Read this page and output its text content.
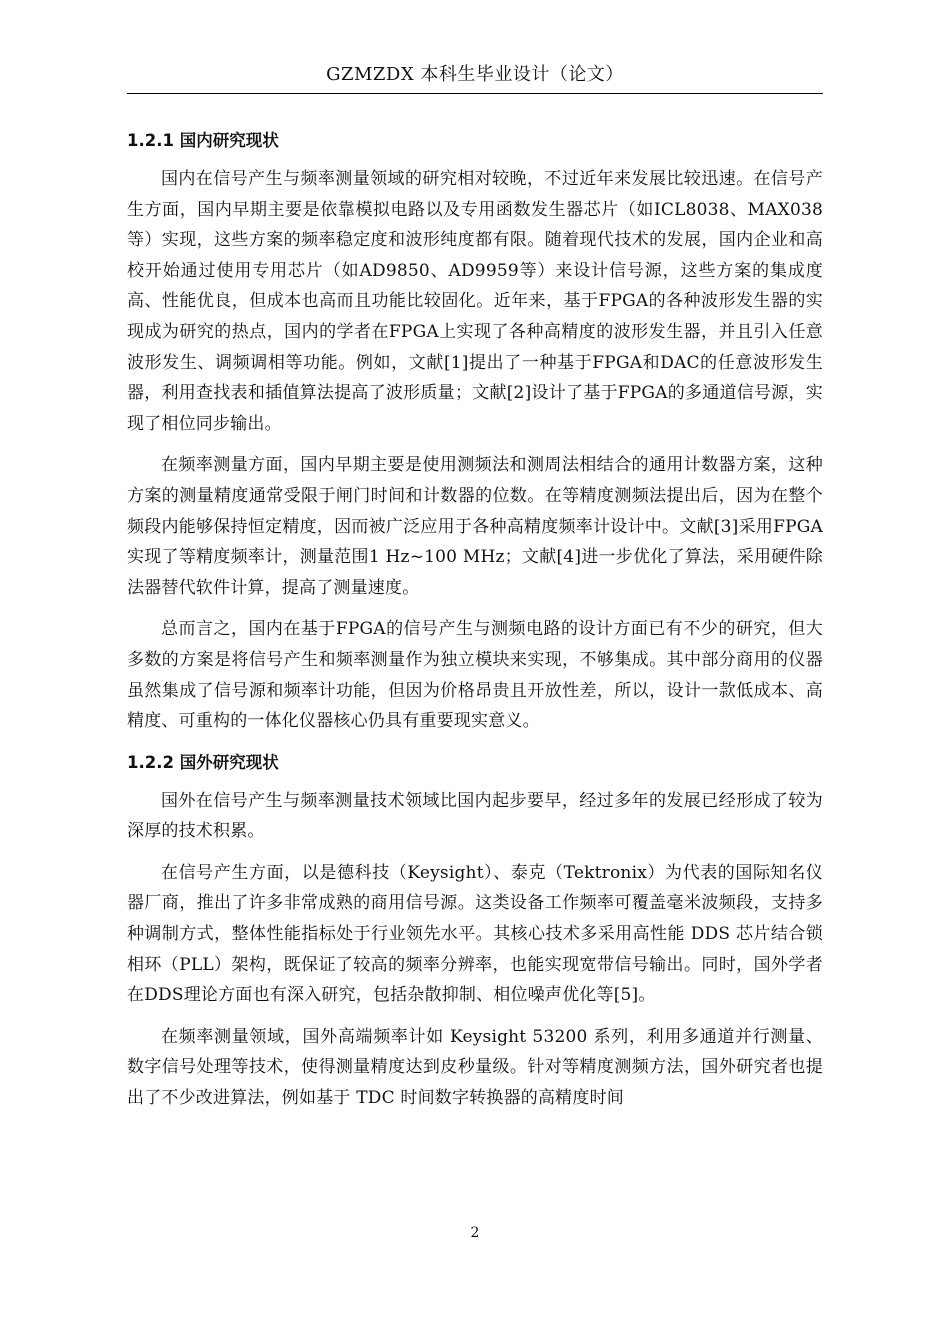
GZMZDX 本科生毕业设计（论文）
1.2.1 国内研究现状

国内在信号产生与频率测量领域的研究相对较晚，不过近年来发展比较迅速。在信号产生方面，国内早期主要是依靠模拟电路以及专用函数发生器芯片（如ICL8038、MAX038等）实现，这些方案的频率稳定度和波形纯度都有限。随着现代技术的发展，国内企业和高校开始通过使用专用芯片（如AD9850、AD9959等）来设计信号源，这些方案的集成度高、性能优良，但成本也高而且功能比较固化。近年来，基于FPGA的各种波形发生器的实现成为研究的热点，国内的学者在FPGA上实现了各种高精度的波形发生器，并且引入任意波形发生、调频调相等功能。例如，文献[1]提出了一种基于FPGA和DAC的任意波形发生器，利用查找表和插值算法提高了波形质量；文献[2]设计了基于FPGA的多通道信号源，实现了相位同步输出。

在频率测量方面，国内早期主要是使用测频法和测周法相结合的通用计数器方案，这种方案的测量精度通常受限于闸门时间和计数器的位数。在等精度测频法提出后，因为在整个频段内能够保持恒定精度，因而被广泛应用于各种高精度频率计设计中。文献[3]采用FPGA实现了等精度频率计，测量范围1 Hz~100 MHz；文献[4]进一步优化了算法，采用硬件除法器替代软件计算，提高了测量速度。

总而言之，国内在基于FPGA的信号产生与测频电路的设计方面已有不少的研究，但大多数的方案是将信号产生和频率测量作为独立模块来实现，不够集成。其中部分商用的仪器虽然集成了信号源和频率计功能，但因为价格昂贵且开放性差，所以，设计一款低成本、高精度、可重构的一体化仪器核心仍具有重要现实意义。

1.2.2 国外研究现状

国外在信号产生与频率测量技术领域比国内起步要早，经过多年的发展已经形成了较为深厚的技术积累。

在信号产生方面，以是德科技（Keysight）、泰克（Tektronix）为代表的国际知名仪器厂商，推出了许多非常成熟的商用信号源。这类设备工作频率可覆盖毫米波频段，支持多种调制方式，整体性能指标处于行业领先水平。其核心技术多采用高性能 DDS 芯片结合锁相环（PLL）架构，既保证了较高的频率分辨率，也能实现宽带信号输出。同时，国外学者在DDS理论方面也有深入研究，包括杂散抑制、相位噪声优化等[5]。

在频率测量领域，国外高端频率计如 Keysight 53200 系列，利用多通道并行测量、数字信号处理等技术，使得测量精度达到皮秒量级。针对等精度测频方法，国外研究者也提出了不少改进算法，例如基于 TDC 时间数字转换器的高精度时间

2
